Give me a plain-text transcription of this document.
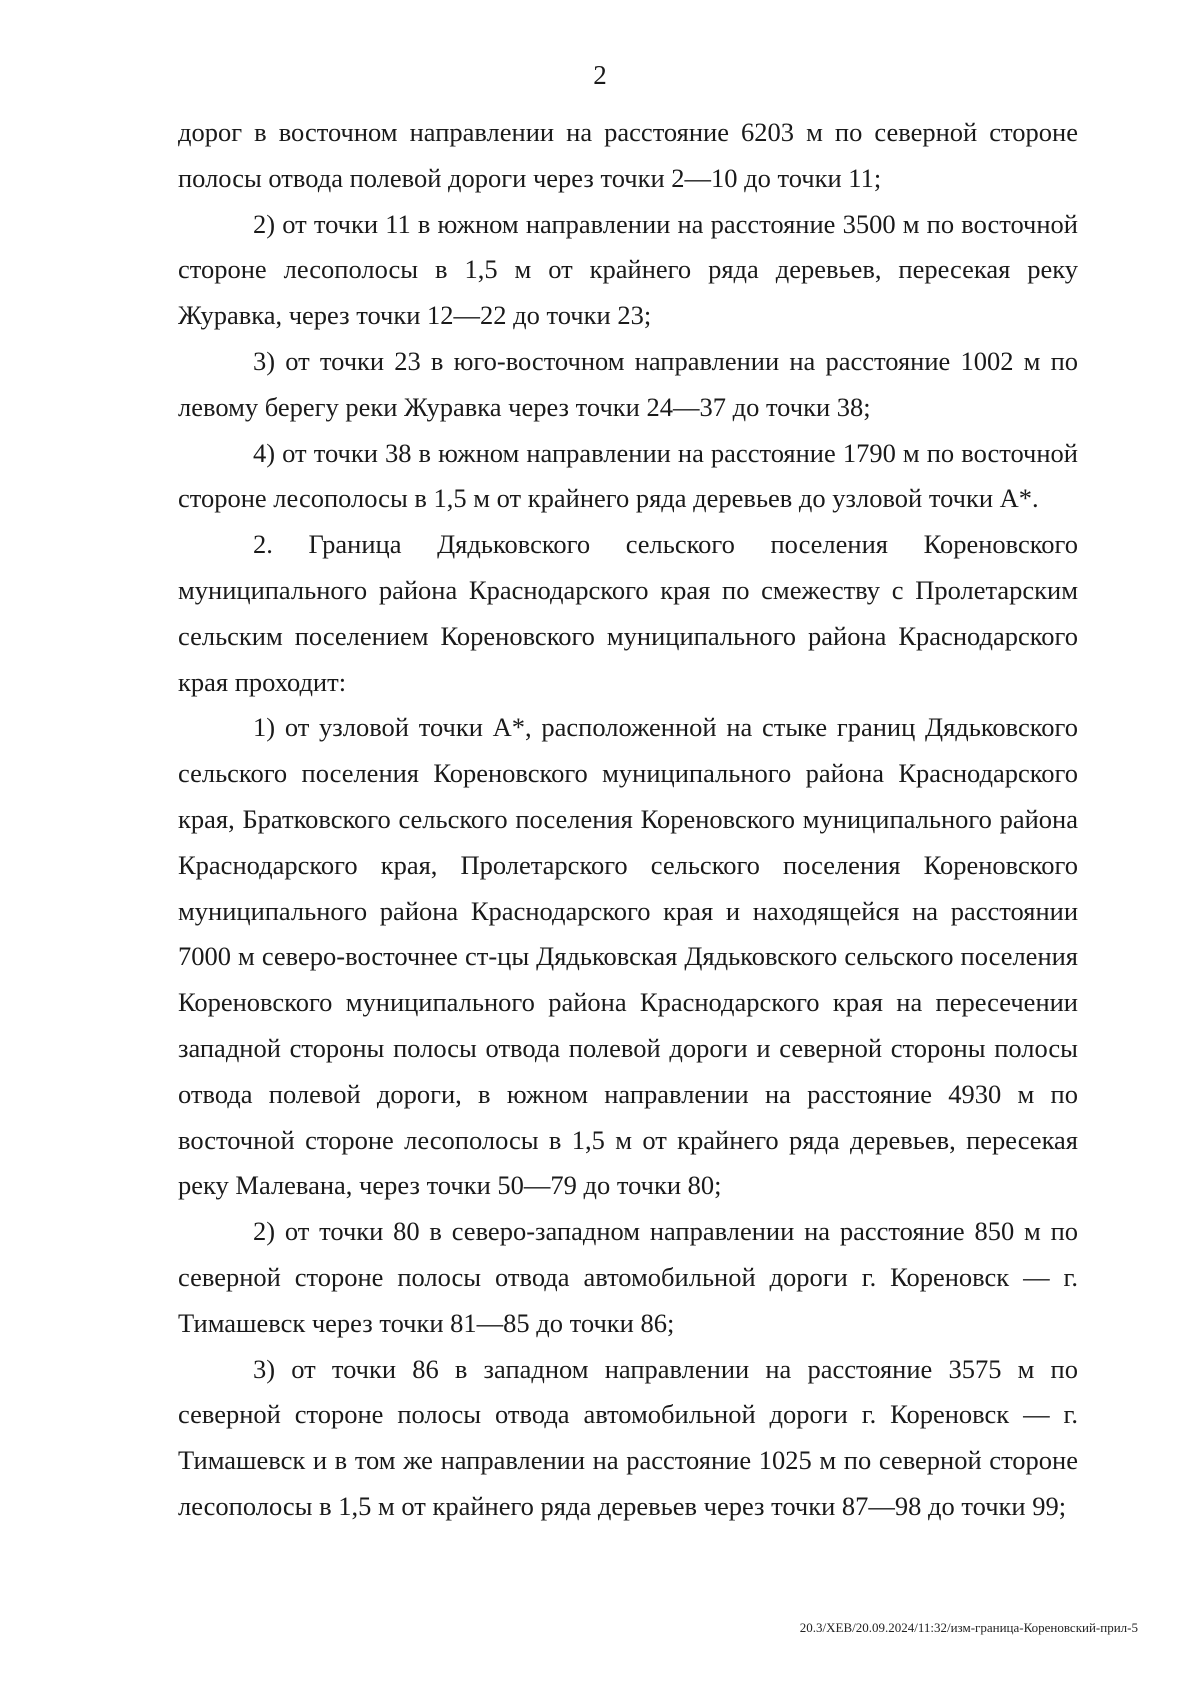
2

дорог в восточном направлении на расстояние 6203 м по северной стороне полосы отвода полевой дороги через точки 2—10 до точки 11;

2) от точки 11 в южном направлении на расстояние 3500 м по восточной стороне лесополосы в 1,5 м от крайнего ряда деревьев, пересекая реку Журавка, через точки 12—22 до точки 23;

3) от точки 23 в юго-восточном направлении на расстояние 1002 м по левому берегу реки Журавка через точки 24—37 до точки 38;

4) от точки 38 в южном направлении на расстояние 1790 м по восточной стороне лесополосы в 1,5 м от крайнего ряда деревьев до узловой точки А*.

2. Граница Дядьковского сельского поселения Кореновского муниципального района Краснодарского края по смежеству с Пролетарским сельским поселением Кореновского муниципального района Краснодарского края проходит:

1) от узловой точки А*, расположенной на стыке границ Дядьковского сельского поселения Кореновского муниципального района Краснодарского края, Братковского сельского поселения Кореновского муниципального района Краснодарского края, Пролетарского сельского поселения Кореновского муниципального района Краснодарского края и находящейся на расстоянии 7000 м северо-восточнее ст-цы Дядьковская Дядьковского сельского поселения Кореновского муниципального района Краснодарского края на пересечении западной стороны полосы отвода полевой дороги и северной стороны полосы отвода полевой дороги, в южном направлении на расстояние 4930 м по восточной стороне лесополосы в 1,5 м от крайнего ряда деревьев, пересекая реку Малевана, через точки 50—79 до точки 80;

2) от точки 80 в северо-западном направлении на расстояние 850 м по северной стороне полосы отвода автомобильной дороги г. Кореновск — г. Тимашевск через точки 81—85 до точки 86;

3) от точки 86 в западном направлении на расстояние 3575 м по северной стороне полосы отвода автомобильной дороги г. Кореновск — г. Тимашевск и в том же направлении на расстояние 1025 м по северной стороне лесополосы в 1,5 м от крайнего ряда деревьев через точки 87—98 до точки 99;

20.3/ХЕВ/20.09.2024/11:32/изм-граница-Кореновский-прил-5
